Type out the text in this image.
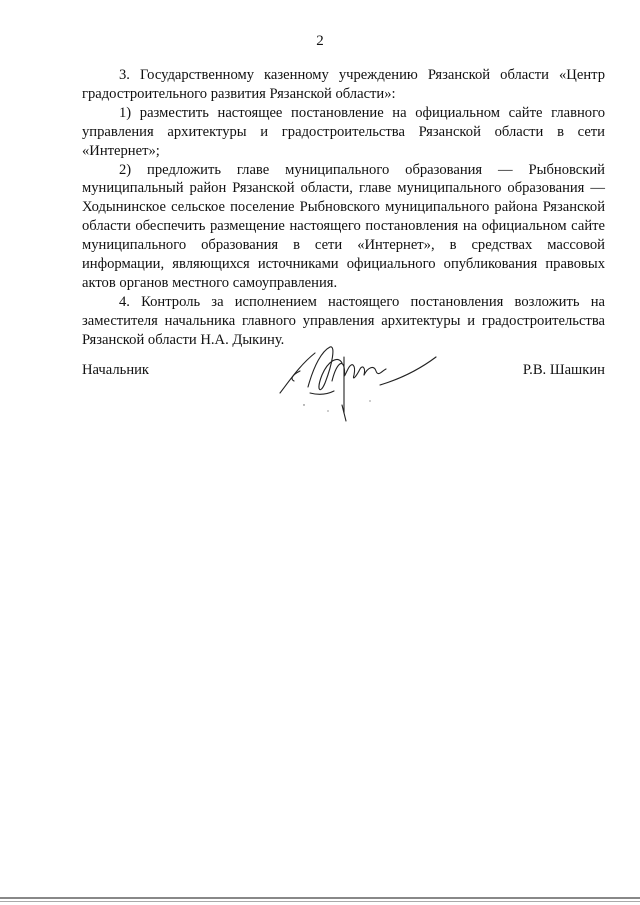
2

3. Государственному казенному учреждению Рязанской области «Центр градостроительного развития Рязанской области»:

1) разместить настоящее постановление на официальном сайте главного управления архитектуры и градостроительства Рязанской области в сети «Интернет»;

2) предложить главе муниципального образования — Рыбновский муниципальный район Рязанской области, главе муниципального образования — Ходынинское сельское поселение Рыбновского муниципального района Рязанской области обеспечить размещение настоящего постановления на официальном сайте муниципального образования в сети «Интернет», в средствах массовой информации, являющихся источниками официального опубликования правовых актов органов местного самоуправления.

4. Контроль за исполнением настоящего постановления возложить на заместителя начальника главного управления архитектуры и градостроительства Рязанской области Н.А. Дыкину.

Начальник	Р.В. Шашкин
